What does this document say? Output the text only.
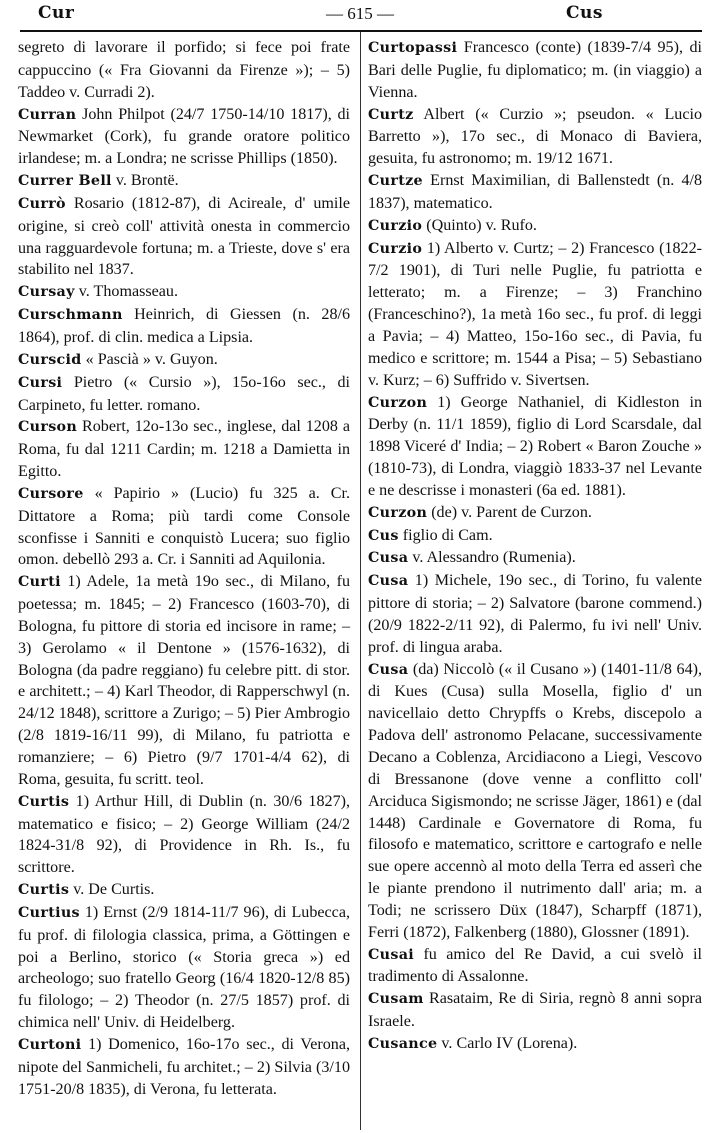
Cur	— 615 —	Cus

segreto di lavorare il porfido; si fece poi frate cappuccino (« Fra Giovanni da Firenze »); – 5) Taddeo v. Curradi 2).

Curran John Philpot (24/7 1750-14/10 1817), di Newmarket (Cork), fu grande oratore politico irlandese; m. a Londra; ne scrisse Phillips (1850).

Currer Bell v. Brontë.

Currò Rosario (1812-87), di Acireale, d' umile origine, si creò coll' attività onesta in commercio una ragguardevole fortuna; m. a Trieste, dove s' era stabilito nel 1837.

Cursay v. Thomasseau.

Curschmann Heinrich, di Giessen (n. 28/6 1864), prof. di clin. medica a Lipsia.

Curscid « Pascià » v. Guyon.

Cursi Pietro (« Cursio »), 15o-16o sec., di Carpineto, fu letter. romano.

Curson Robert, 12o-13o sec., inglese, dal 1208 a Roma, fu dal 1211 Cardin; m. 1218 a Damietta in Egitto.

Cursore « Papirio » (Lucio) fu 325 a. Cr. Dittatore a Roma; più tardi come Console sconfisse i Sanniti e conquistò Lucera; suo figlio omon. debellò 293 a. Cr. i Sanniti ad Aquilonia.

Curti 1) Adele, 1a metà 19o sec., di Milano, fu poetessa; m. 1845; – 2) Francesco (1603-70), di Bologna, fu pittore di storia ed incisore in rame; – 3) Gerolamo « il Dentone » (1576-1632), di Bologna (da padre reggiano) fu celebre pitt. di stor. e architett.; – 4) Karl Theodor, di Rapperschwyl (n. 24/12 1848), scrittore a Zurigo; – 5) Pier Ambrogio (2/8 1819-16/11 99), di Milano, fu patriotta e romanziere; – 6) Pietro (9/7 1701-4/4 62), di Roma, gesuita, fu scritt. teol.

Curtis 1) Arthur Hill, di Dublin (n. 30/6 1827), matematico e fisico; – 2) George William (24/2 1824-31/8 92), di Providence in Rh. Is., fu scrittore.

Curtis v. De Curtis.

Curtius 1) Ernst (2/9 1814-11/7 96), di Lubecca, fu prof. di filologia classica, prima, a Göttingen e poi a Berlino, storico (« Storia greca ») ed archeologo; suo fratello Georg (16/4 1820-12/8 85) fu filologo; – 2) Theodor (n. 27/5 1857) prof. di chimica nell' Univ. di Heidelberg.

Curtoni 1) Domenico, 16o-17o sec., di Verona, nipote del Sanmicheli, fu architet.; – 2) Silvia (3/10 1751-20/8 1835), di Verona, fu letterata.

Curtopassi Francesco (conte) (1839-7/4 95), di Bari delle Puglie, fu diplomatico; m. (in viaggio) a Vienna.

Curtz Albert (« Curzio »; pseudon. « Lucio Barretto »), 17o sec., di Monaco di Baviera, gesuita, fu astronomo; m. 19/12 1671.

Curtze Ernst Maximilian, di Ballenstedt (n. 4/8 1837), matematico.

Curzio (Quinto) v. Rufo.

Curzio 1) Alberto v. Curtz; – 2) Francesco (1822-7/2 1901), di Turi nelle Puglie, fu patriotta e letterato; m. a Firenze; – 3) Franchino (Franceschino?), 1a metà 16o sec., fu prof. di leggi a Pavia; – 4) Matteo, 15o-16o sec., di Pavia, fu medico e scrittore; m. 1544 a Pisa; – 5) Sebastiano v. Kurz; – 6) Suffrido v. Sivertsen.

Curzon 1) George Nathaniel, di Kidleston in Derby (n. 11/1 1859), figlio di Lord Scarsdale, dal 1898 Viceré d' India; – 2) Robert « Baron Zouche » (1810-73), di Londra, viaggiò 1833-37 nel Levante e ne descrisse i monasteri (6a ed. 1881).

Curzon (de) v. Parent de Curzon.

Cus figlio di Cam.

Cusa v. Alessandro (Rumenia).

Cusa 1) Michele, 19o sec., di Torino, fu valente pittore di storia; – 2) Salvatore (barone commend.) (20/9 1822-2/11 92), di Palermo, fu ivi nell' Univ. prof. di lingua araba.

Cusa (da) Niccolò (« il Cusano ») (1401-11/8 64), di Kues (Cusa) sulla Mosella, figlio d' un navicellaio detto Chrypffs o Krebs, discepolo a Padova dell' astronomo Pelacane, successivamente Decano a Coblenza, Arcidiacono a Liegi, Vescovo di Bressanone (dove venne a conflitto coll' Arciduca Sigismondo; ne scrisse Jäger, 1861) e (dal 1448) Cardinale e Governatore di Roma, fu filosofo e matematico, scrittore e cartografo e nelle sue opere accennò al moto della Terra ed asserì che le piante prendono il nutrimento dall' aria; m. a Todi; ne scrissero Düx (1847), Scharpff (1871), Ferri (1872), Falkenberg (1880), Glossner (1891).

Cusai fu amico del Re David, a cui svelò il tradimento di Assalonne.

Cusam Rasataim, Re di Siria, regnò 8 anni sopra Israele.

Cusance v. Carlo IV (Lorena).
